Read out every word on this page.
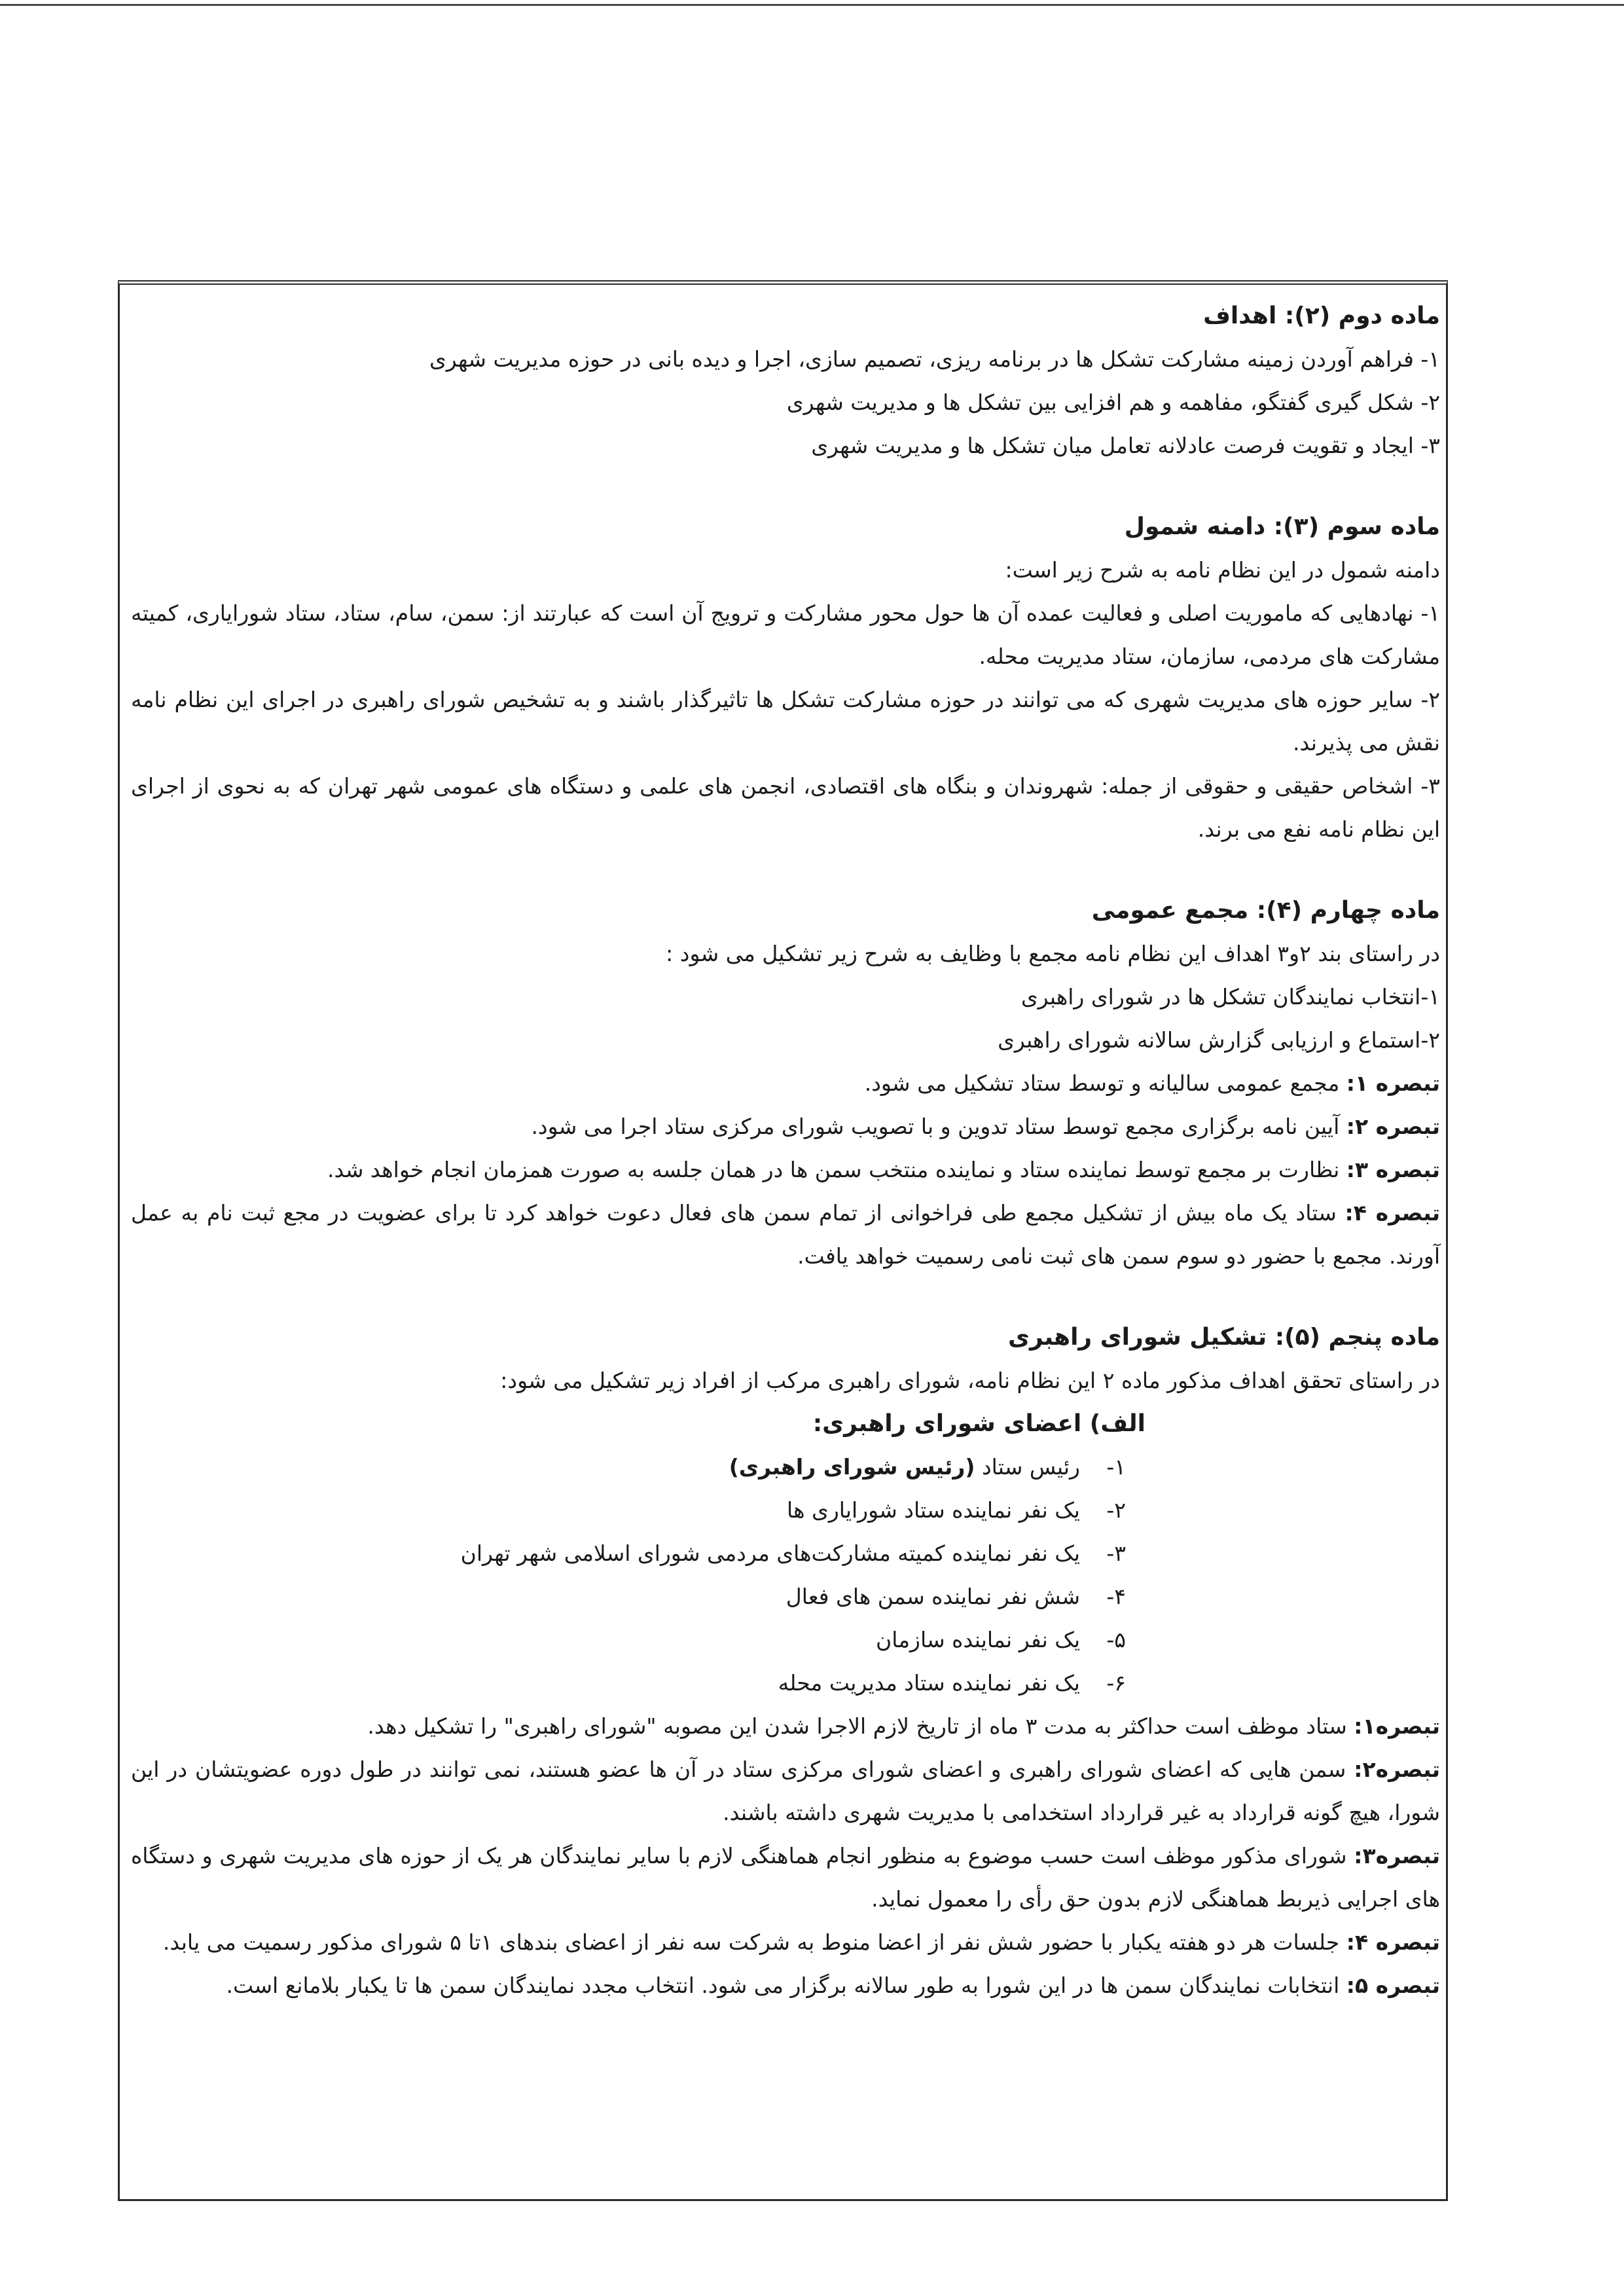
ماده دوم (۲): اهداف
۱- فراهم آوردن زمینه مشارکت تشکل ها در برنامه ریزی، تصمیم سازی، اجرا و دیده بانی در حوزه مدیریت شهری
۲- شکل گیری گفتگو، مفاهمه و هم افزایی بین تشکل ها و مدیریت شهری
۳- ایجاد و تقویت فرصت عادلانه تعامل میان تشکل ها و مدیریت شهری
ماده سوم (۳): دامنه شمول
دامنه شمول در این نظام نامه به شرح زیر است:
۱- نهادهایی که ماموریت اصلی و فعالیت عمده آن ها حول محور مشارکت و ترویج آن است که عبارتند از: سمن، سام، ستاد، ستاد شورایاری، کمیته مشارکت های مردمی، سازمان، ستاد مدیریت محله.
۲- سایر حوزه های مدیریت شهری که می توانند در حوزه مشارکت تشکل ها تاثیرگذار باشند و به تشخیص شورای راهبری در اجرای این نظام نامه نقش می پذیرند.
۳- اشخاص حقیقی و حقوقی از جمله: شهروندان و بنگاه های اقتصادی، انجمن های علمی و دستگاه های عمومی شهر تهران که به نحوی از اجرای این نظام نامه نفع می برند.
ماده چهارم (۴): مجمع عمومی
در راستای بند ۲و۳ اهداف این نظام نامه مجمع با وظایف به شرح زیر تشکیل می شود :
۱-انتخاب نمایندگان تشکل ها در شورای راهبری
۲-استماع و ارزیابی گزارش سالانه شورای راهبری
تبصره ۱: مجمع عمومی سالیانه و توسط ستاد تشکیل می شود.
تبصره ۲: آیین نامه برگزاری مجمع توسط ستاد تدوین و با تصویب شورای مرکزی ستاد اجرا می شود.
تبصره ۳: نظارت بر مجمع توسط نماینده ستاد و نماینده منتخب سمن ها در همان جلسه به صورت همزمان انجام خواهد شد.
تبصره ۴: ستاد یک ماه بیش از تشکیل مجمع طی فراخوانی از تمام سمن های فعال دعوت خواهد کرد تا برای عضویت در مجع ثبت نام به عمل آورند. مجمع با حضور دو سوم سمن های ثبت نامی رسمیت خواهد یافت.
ماده پنجم (۵): تشکیل شورای راهبری
در راستای تحقق اهداف مذکور ماده ۲ این نظام نامه، شورای راهبری مرکب از افراد زیر تشکیل می شود:
الف) اعضای شورای راهبری:
۱-رئیس ستاد (رئیس شورای راهبری)
۲-یک نفر نماینده ستاد شورایاری ها
۳-یک نفر نماینده کمیته مشارکت‌های مردمی شورای اسلامی شهر تهران
۴-شش نفر نماینده سمن های فعال
۵-یک نفر نماینده سازمان
۶-یک نفر نماینده ستاد مدیریت محله
تبصره۱: ستاد موظف است حداکثر به مدت ۳ ماه از تاریخ لازم الاجرا شدن این مصوبه "شورای راهبری" را تشکیل دهد.
تبصره۲: سمن هایی که اعضای شورای راهبری و اعضای شورای مرکزی ستاد در آن ها عضو هستند، نمی توانند در طول دوره عضویتشان در این شورا، هیچ گونه قرارداد به غیر قرارداد استخدامی با مدیریت شهری داشته باشند.
تبصره۳: شورای مذکور موظف است حسب موضوع به منظور انجام هماهنگی لازم با سایر نمایندگان هر یک از حوزه های مدیریت شهری و دستگاه های اجرایی ذیربط هماهنگی لازم بدون حق رأی را معمول نماید.
تبصره ۴: جلسات هر دو هفته یکبار با حضور شش نفر از اعضا منوط به شرکت سه نفر از اعضای بندهای ۱تا ۵ شورای مذکور رسمیت می یابد.
تبصره ۵: انتخابات نمایندگان سمن ها در این شورا به طور سالانه برگزار می شود. انتخاب مجدد نمایندگان سمن ها تا یکبار بلامانع است.
